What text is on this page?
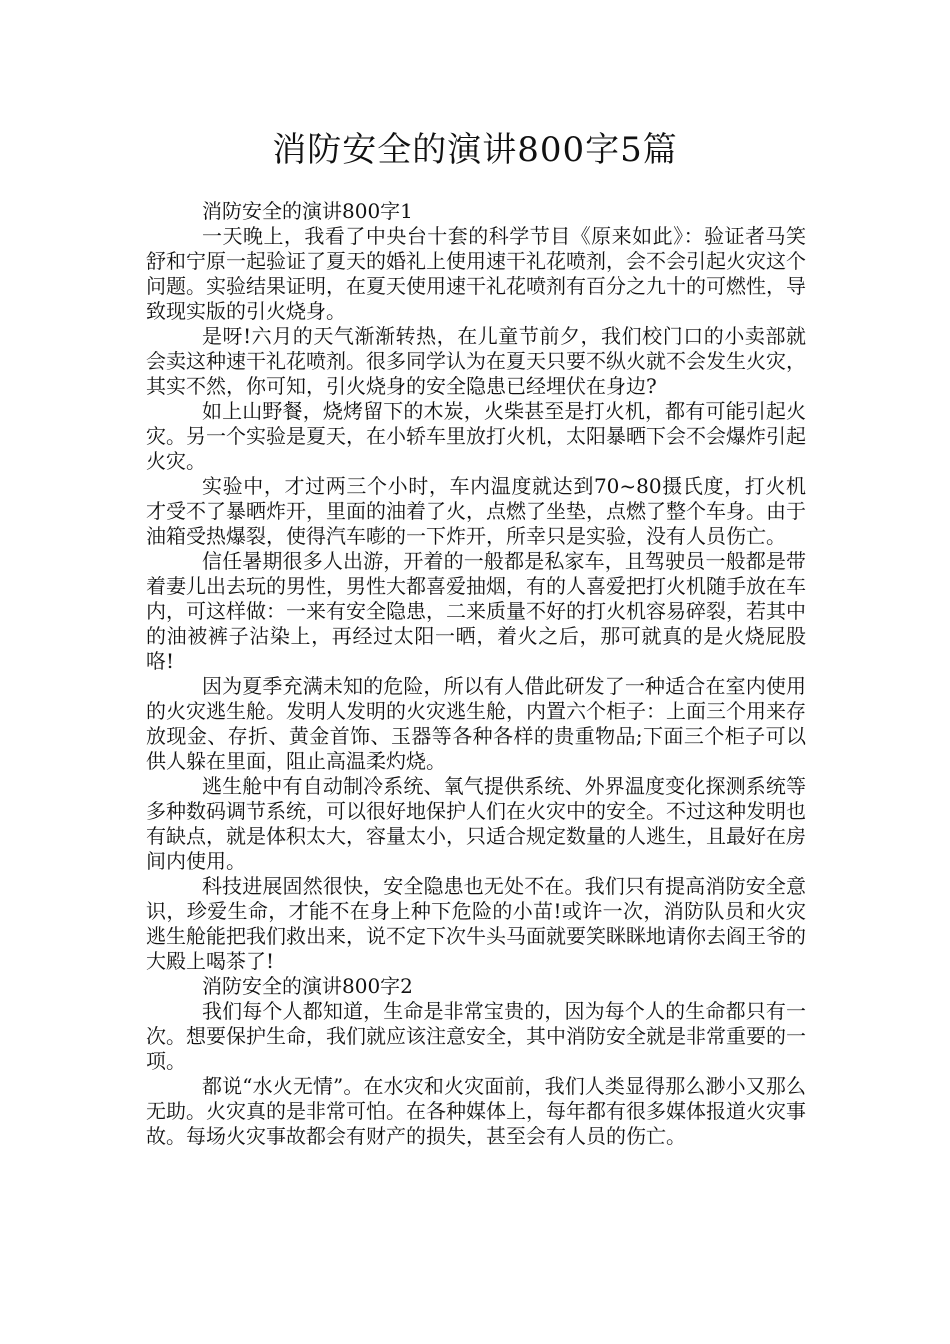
消防安全的演讲800字5篇

消防安全的演讲800字1

一天晚上，我看了中央台十套的科学节目《原来如此》：验证者马笑舒和宁原一起验证了夏天的婚礼上使用速干礼花喷剂，会不会引起火灾这个问题。实验结果证明，在夏天使用速干礼花喷剂有百分之九十的可燃性，导致现实版的引火烧身。

是呀!六月的天气渐渐转热，在儿童节前夕，我们校门口的小卖部就会卖这种速干礼花喷剂。很多同学认为在夏天只要不纵火就不会发生火灾，其实不然，你可知，引火烧身的安全隐患已经埋伏在身边?

如上山野餐，烧烤留下的木炭，火柴甚至是打火机，都有可能引起火灾。另一个实验是夏天，在小轿车里放打火机，太阳暴晒下会不会爆炸引起火灾。

实验中，才过两三个小时，车内温度就达到70~80摄氏度，打火机才受不了暴晒炸开，里面的油着了火，点燃了坐垫，点燃了整个车身。由于油箱受热爆裂，使得汽车嘭的一下炸开，所幸只是实验，没有人员伤亡。

信任暑期很多人出游，开着的一般都是私家车，且驾驶员一般都是带着妻儿出去玩的男性，男性大都喜爱抽烟，有的人喜爱把打火机随手放在车内，可这样做：一来有安全隐患，二来质量不好的打火机容易碎裂，若其中的油被裤子沾染上，再经过太阳一晒，着火之后，那可就真的是火烧屁股咯!

因为夏季充满未知的危险，所以有人借此研发了一种适合在室内使用的火灾逃生舱。发明人发明的火灾逃生舱，内置六个柜子：上面三个用来存放现金、存折、黄金首饰、玉器等各种各样的贵重物品;下面三个柜子可以供人躲在里面，阻止高温柔灼烧。

逃生舱中有自动制冷系统、氧气提供系统、外界温度变化探测系统等多种数码调节系统，可以很好地保护人们在火灾中的安全。不过这种发明也有缺点，就是体积太大，容量太小，只适合规定数量的人逃生，且最好在房间内使用。

科技进展固然很快，安全隐患也无处不在。我们只有提高消防安全意识，珍爱生命，才能不在身上种下危险的小苗!或许一次，消防队员和火灾逃生舱能把我们救出来，说不定下次牛头马面就要笑眯眯地请你去阎王爷的大殿上喝茶了!

消防安全的演讲800字2

我们每个人都知道，生命是非常宝贵的，因为每个人的生命都只有一次。想要保护生命，我们就应该注意安全，其中消防安全就是非常重要的一项。

都说“水火无情”。在水灾和火灾面前，我们人类显得那么渺小又那么无助。火灾真的是非常可怕。在各种媒体上，每年都有很多媒体报道火灾事故。每场火灾事故都会有财产的损失，甚至会有人员的伤亡。
